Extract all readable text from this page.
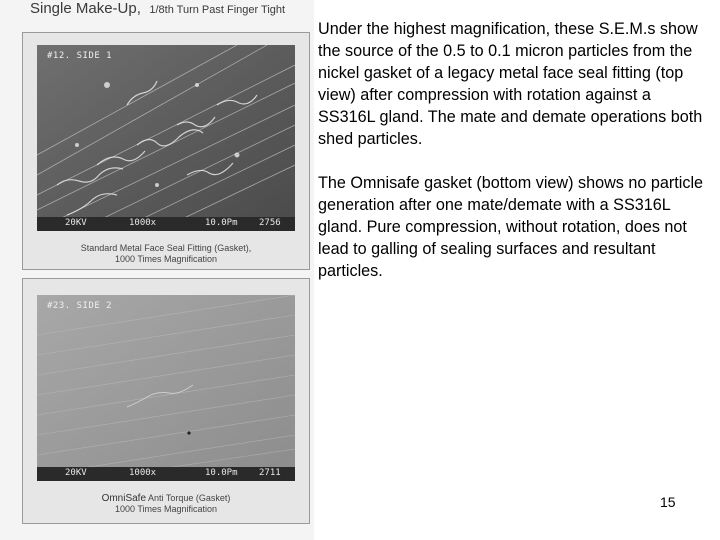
Single Make-Up, 1/8th Turn Past Finger Tight
#12. SIDE 1
20KV	1000x	10.0Pm 2756
Standard Metal Face Seal Fitting (Gasket),
1000 Times Magnification
#23. SIDE 2
20KV	1000x	10.0Pm 2711
OmniSafe Anti Torque (Gasket)
1000 Times Magnification

Under the highest magnification, these S.E.M.s show the source of the 0.5 to 0.1 micron particles from the nickel gasket of a legacy metal face seal fitting (top view) after compression with rotation against a SS316L gland. The mate and demate operations both shed particles.

The Omnisafe gasket (bottom view) shows no particle generation after one mate/demate with a SS316L gland. Pure compression, without rotation, does not lead to galling of sealing surfaces and resultant particles.

15
